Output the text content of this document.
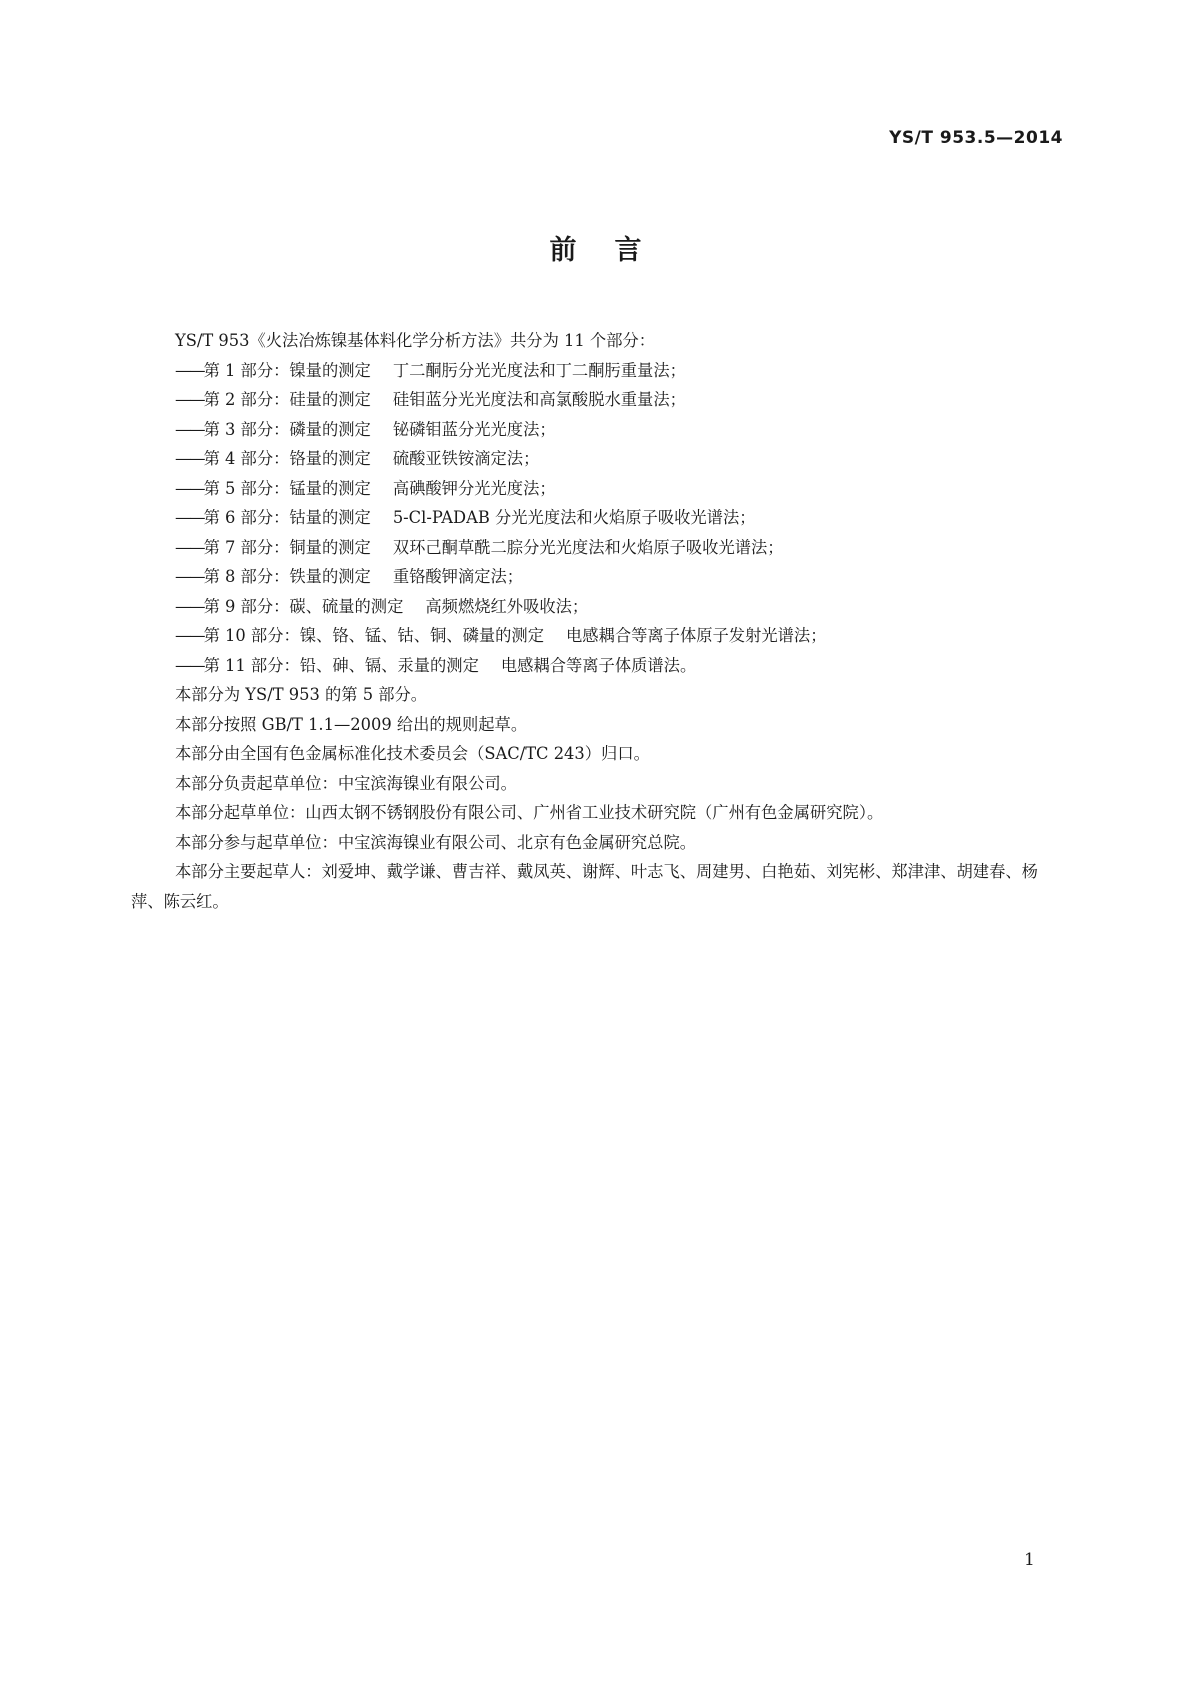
YS/T 953.5—2014
前言

YS/T 953《火法冶炼镍基体料化学分析方法》共分为 11 个部分：

——第 1 部分：镍量的测定 丁二酮肟分光光度法和丁二酮肟重量法；

——第 2 部分：硅量的测定 硅钼蓝分光光度法和高氯酸脱水重量法；

——第 3 部分：磷量的测定 铋磷钼蓝分光光度法；

——第 4 部分：铬量的测定 硫酸亚铁铵滴定法；

——第 5 部分：锰量的测定 高碘酸钾分光光度法；

——第 6 部分：钴量的测定 5-Cl-PADAB 分光光度法和火焰原子吸收光谱法；

——第 7 部分：铜量的测定 双环己酮草酰二腙分光光度法和火焰原子吸收光谱法；

——第 8 部分：铁量的测定 重铬酸钾滴定法；

——第 9 部分：碳、硫量的测定 高频燃烧红外吸收法；

——第 10 部分：镍、铬、锰、钴、铜、磷量的测定 电感耦合等离子体原子发射光谱法；

——第 11 部分：铅、砷、镉、汞量的测定 电感耦合等离子体质谱法。

本部分为 YS/T 953 的第 5 部分。

本部分按照 GB/T 1.1—2009 给出的规则起草。

本部分由全国有色金属标准化技术委员会（SAC/TC 243）归口。

本部分负责起草单位：中宝滨海镍业有限公司。

本部分起草单位：山西太钢不锈钢股份有限公司、广州省工业技术研究院（广州有色金属研究院）。

本部分参与起草单位：中宝滨海镍业有限公司、北京有色金属研究总院。

本部分主要起草人：刘爱坤、戴学谦、曹吉祥、戴凤英、谢辉、叶志飞、周建男、白艳茹、刘宪彬、郑津津、胡建春、杨萍、陈云红。

1
